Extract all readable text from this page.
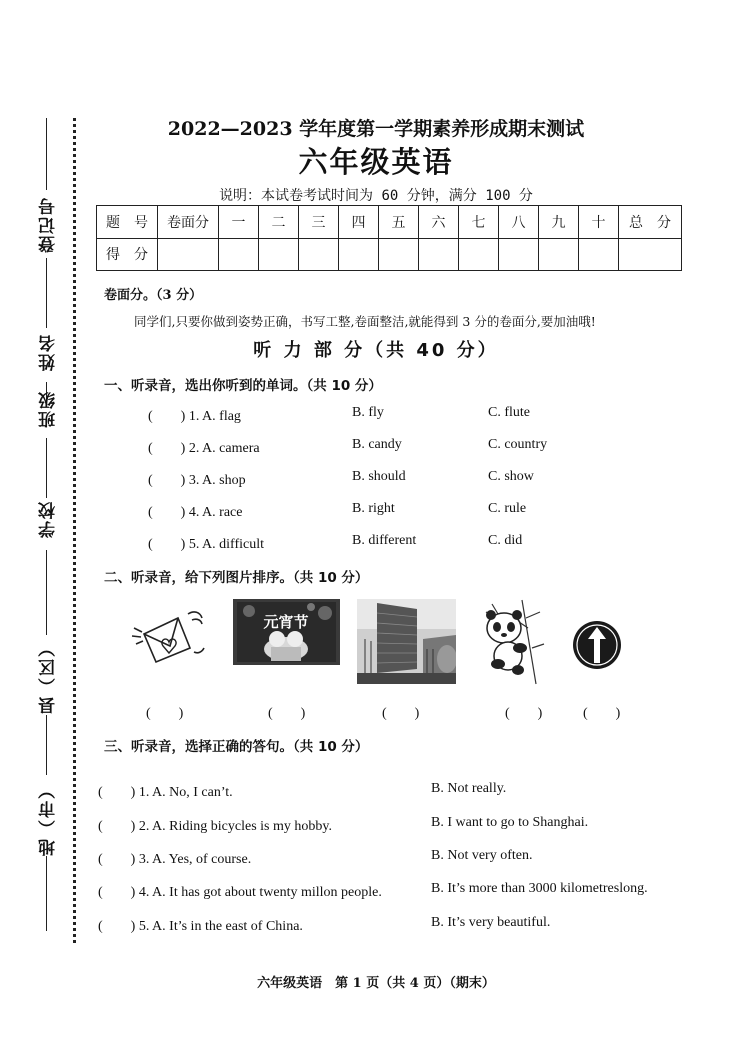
登记号
姓名
班级
学校
县（区）
地（市）
2022—2023 学年度第一学期素养形成期末测试
六年级英语
说明：本试卷考试时间为 60 分钟，满分 100 分
题　号	卷面分	一	二	三	四	五	六	七	八	九	十	总　分
得　分												
卷面分。（3 分）
同学们,只要你做到姿势正确，书写工整,卷面整洁,就能得到 3 分的卷面分,要加油哦!
听 力 部 分（共 40 分）
一、听录音，选出你听到的单词。（共 10 分）
(　　) 1. A. flag	B. fly	C. flute
(　　) 2. A. camera	B. candy	C. country
(　　) 3. A. shop	B. should	C. show
(　　) 4. A. race	B. right	C. rule
(　　) 5. A. difficult	B. different	C. did
二、听录音，给下列图片排序。（共 10 分）
元宵节
(　　)	(　　)	(　　)	(　　)	(　　)
三、听录音，选择正确的答句。（共 10 分）
(　　) 1. A. No, I can’t.	B. Not really.
(　　) 2. A. Riding bicycles is my hobby.	B. I want to go to Shanghai.
(　　) 3. A. Yes, of course.	B. Not very often.
(　　) 4. A. It has got about twenty millon people.	B. It’s more than 3000 kilometreslong.
(　　) 5. A. It’s in the east of China.	B. It’s very beautiful.
六年级英语　第 1 页（共 4 页）（期末）
